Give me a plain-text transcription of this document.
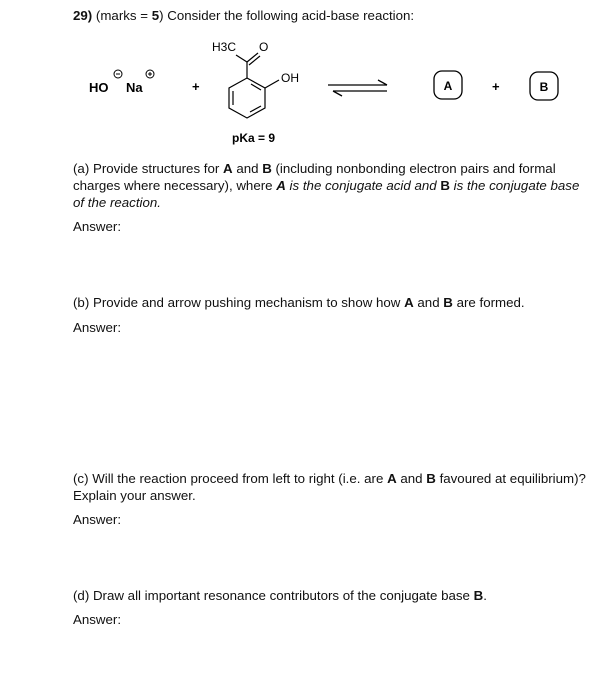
29) (marks = 5) Consider the following acid-base reaction:
HO Na	+
H3C O
OH
A	+	B
pKa = 9
(a) Provide structures for A and B (including nonbonding electron pairs and formal charges where necessary), where A is the conjugate acid and B is the conjugate base of the reaction.
Answer:
(b) Provide and arrow pushing mechanism to show how A and B are formed.
Answer:
(c) Will the reaction proceed from left to right (i.e. are A and B favoured at equilibrium)? Explain your answer.
Answer:
(d) Draw all important resonance contributors of the conjugate base B.
Answer:
